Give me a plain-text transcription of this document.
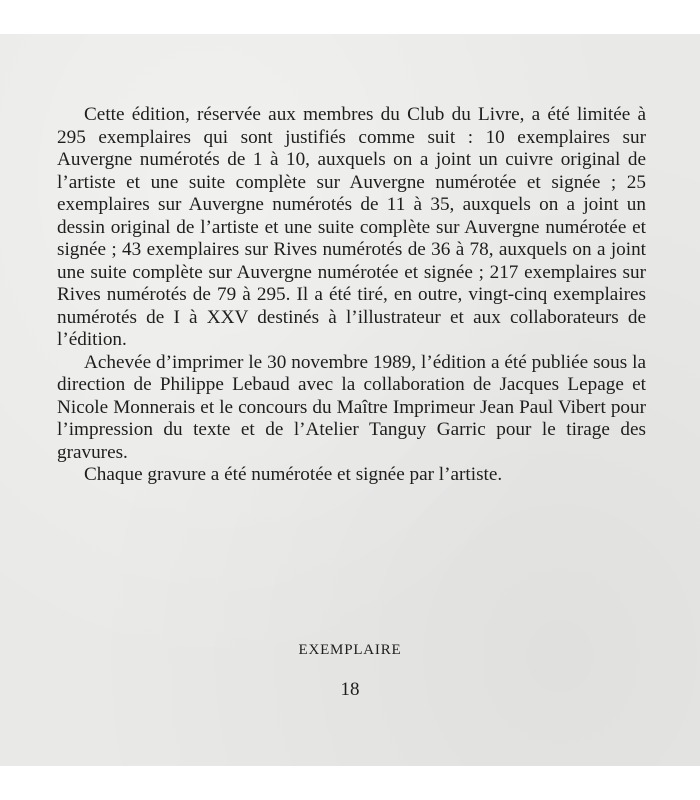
Cette édition, réservée aux membres du Club du Livre, a été limitée à 295 exemplaires qui sont justifiés comme suit : 10 exemplaires sur Auvergne numérotés de 1 à 10, auxquels on a joint un cuivre original de l’artiste et une suite complète sur Auvergne numérotée et signée ; 25 exemplaires sur Auvergne numérotés de 11 à 35, auxquels on a joint un dessin original de l’artiste et une suite complète sur Auvergne numérotée et signée ; 43 exemplaires sur Rives numérotés de 36 à 78, auxquels on a joint une suite complète sur Auvergne numérotée et signée ; 217 exemplaires sur Rives numérotés de 79 à 295. Il a été tiré, en outre, vingt-cinq exemplaires numérotés de I à XXV destinés à l’illustrateur et aux collaborateurs de l’édition.

Achevée d’imprimer le 30 novembre 1989, l’édition a été publiée sous la direction de Philippe Lebaud avec la collaboration de Jacques Lepage et Nicole Monnerais et le concours du Maître Imprimeur Jean Paul Vibert pour l’impression du texte et de l’Atelier Tanguy Garric pour le tirage des gravures.

Chaque gravure a été numérotée et signée par l’artiste.

EXEMPLAIRE
18
